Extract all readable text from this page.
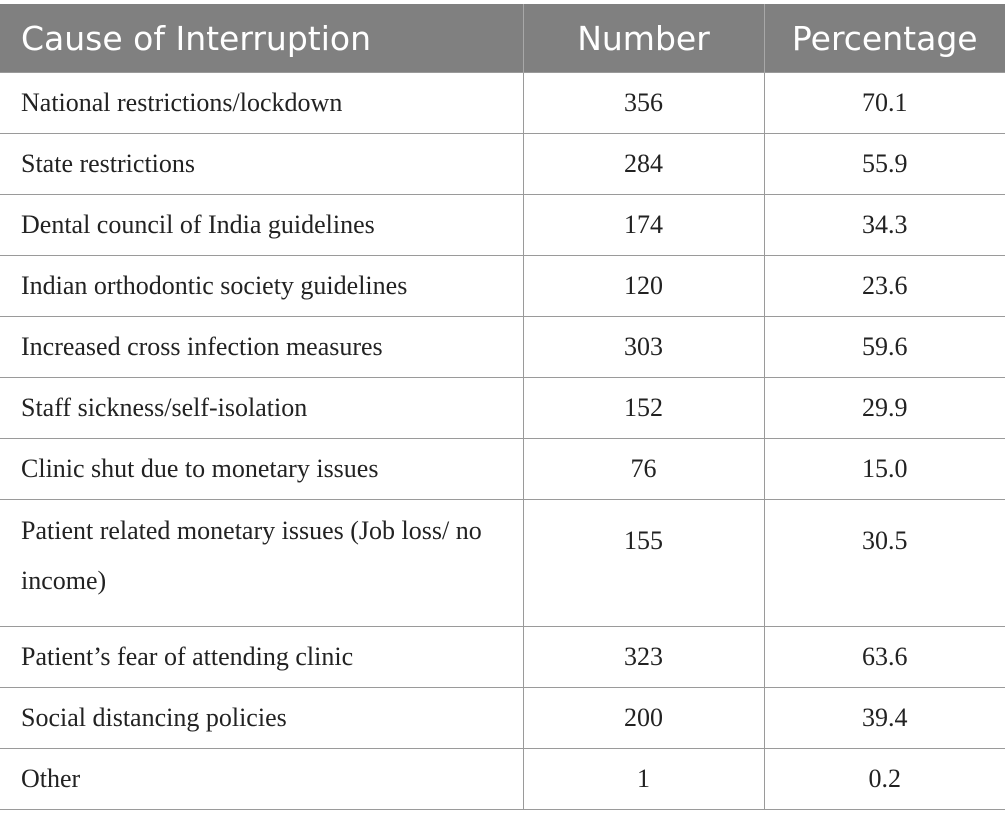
Cause of Interruption	Number	Percentage
National restrictions/lockdown	356	70.1
State restrictions	284	55.9
Dental council of India guidelines	174	34.3
Indian orthodontic society guidelines	120	23.6
Increased cross infection measures	303	59.6
Staff sickness/self-isolation	152	29.9
Clinic shut due to monetary issues	76	15.0
Patient related monetary issues (Job loss/ no income)	155	30.5
Patient’s fear of attending clinic	323	63.6
Social distancing policies	200	39.4
Other	1	0.2
